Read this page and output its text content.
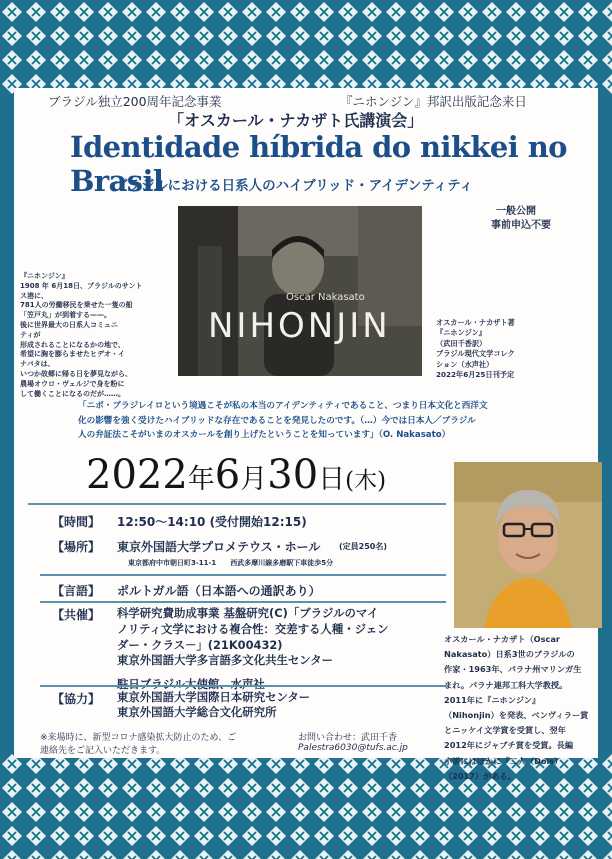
ブラジル独立200周年記念事業	『ニホンジン』邦訳出版記念来日

「オスカール・ナカザト氏講演会」

Identidade híbrida do nikkei no Brasil

ブラジルにおける日系人のハイブリッド・アイデンティティ

一般公開

事前申込不要

『ニホンジン』
1908 年 6月18日、ブラジルのサント
ス港に、
781人の労働移民を乗せた一隻の船
「笠戸丸」が到着する——。
後に世界最大の日系人コミュニ
ティが
形成されることになるかの地で、
希望に胸を膨らませたヒデオ・イ
ナバタは、
いつか故郷に帰る日を夢見ながら、
農場オウロ・ヴェルジで身を粉に
して働くことになるのだが……。

Oscar Nakasato

NIHONJIN	オスカール・ナカザト著
『ニホンジン』
（武田千香訳）
ブラジル現代文学コレク
ション（水声社）
2022年6月25日刊予定
「ニポ・ブラジレイロという境遇こそが私の本当のアイデンティティであること、つまり日本文化と西洋文
化の影響を強く受けたハイブリッドな存在であることを発見したのです。（…）今では日本人／ブラジル
人の弁証法こそがいまのオスカールを創り上げたということを知っています」（O. Nakasato）
2022年6月30日(木)

【時間】 12:50～14:10 (受付開始12:15)

【場所】 東京外国語大学プロメテウス・ホール (定員250名)

東京都府中市朝日町3-11-1　　西武多摩川線多磨駅下車徒歩5分

【言語】 ポルトガル語（日本語への通訳あり）

【共催】 科学研究費助成事業 基盤研究(C)「ブラジルのマイ
ノリティ文学における複合性：交差する人種・ジェン
ダー・クラス－」(21K00432)
東京外国語大学多言語多文化共生センター

【協力】 東京外国語大学国際日本研究センター
東京外国語大学総合文化研究所
オスカール・ナカザト（Oscar
Nakasato）日系3世のブラジルの
作家・1963年、パラナ州マリンガ生
まれ。パラナ連邦工科大学教授。
2011年に『ニホンジン』
（Nihonjin）を発表、ベンヴィラー賞
とニッケイ文学賞を受賞し、翌年
2012年にジャブチ賞を受賞。長編
小説にはほかに『二人（Dois）
（2017）がある。

※来場時に、新型コロナ感染拡大防止のため、ご

連絡先をご記入いただきます。

お問い合わせ：武田千香

Palestra6030@tufs.ac.jp
